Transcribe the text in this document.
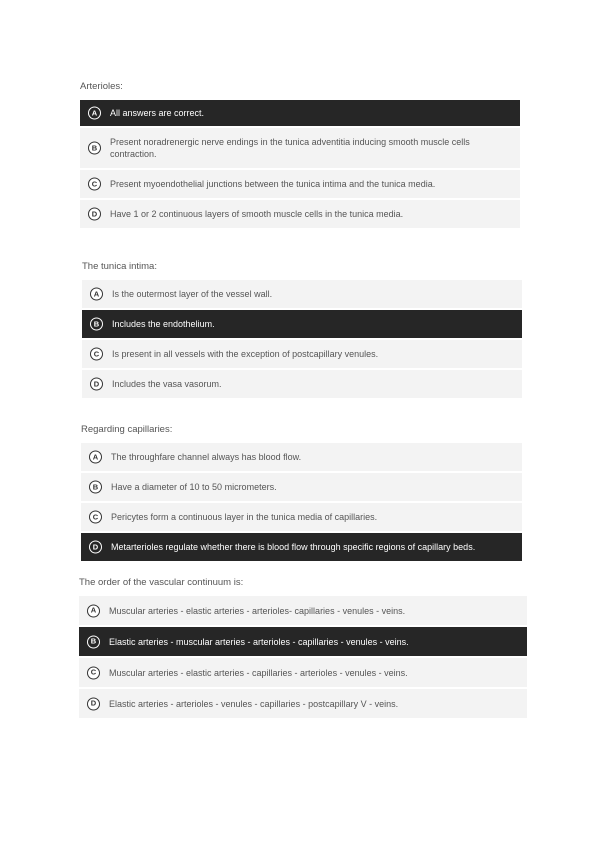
Arterioles:
A	All answers are correct.
B
Present noradrenergic nerve endings in the tunica adventitia inducing smooth muscle cells contraction.
C	Present myoendothelial junctions between the tunica intima and the tunica media.
D	Have 1 or 2 continuous layers of smooth muscle cells in the tunica media.
The tunica intima:
A	Is the outermost layer of the vessel wall.
B	Includes the endothelium.
C	Is present in all vessels with the exception of postcapillary venules.
D	Includes the vasa vasorum.
Regarding capillaries:
A	The throughfare channel always has blood flow.
B	Have a diameter of 10 to 50 micrometers.
C	Pericytes form a continuous layer in the tunica media of capillaries.
D	Metarterioles regulate whether there is blood flow through specific regions of capillary beds.
The order of the vascular continuum is:
A	Muscular arteries - elastic arteries - arterioles- capillaries - venules - veins.
B	Elastic arteries - muscular arteries - arterioles - capillaries - venules - veins.
C	Muscular arteries - elastic arteries - capillaries - arterioles - venules - veins.
D	Elastic arteries - arterioles - venules - capillaries - postcapillary V - veins.
